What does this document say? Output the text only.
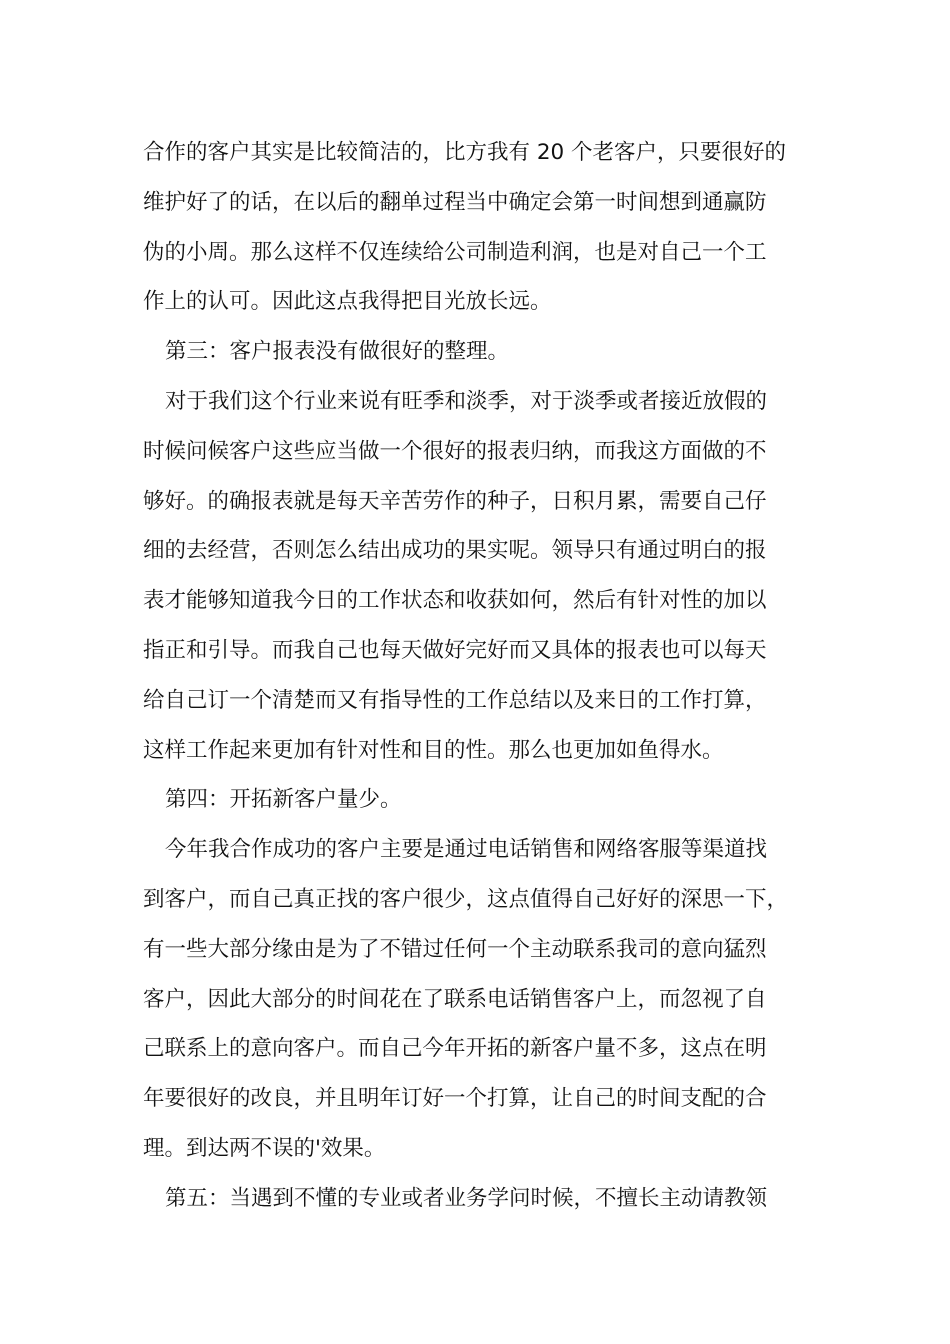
合作的客户其实是比较简洁的，比方我有 20 个老客户，只要很好的
维护好了的话，在以后的翻单过程当中确定会第一时间想到通赢防
伪的小周。那么这样不仅连续给公司制造利润，也是对自己一个工
作上的认可。因此这点我得把目光放长远。
第三：客户报表没有做很好的整理。
对于我们这个行业来说有旺季和淡季，对于淡季或者接近放假的
时候问候客户这些应当做一个很好的报表归纳，而我这方面做的不
够好。的确报表就是每天辛苦劳作的种子，日积月累，需要自己仔
细的去经营，否则怎么结出成功的果实呢。领导只有通过明白的报
表才能够知道我今日的工作状态和收获如何，然后有针对性的加以
指正和引导。而我自己也每天做好完好而又具体的报表也可以每天
给自己订一个清楚而又有指导性的工作总结以及来日的工作打算，
这样工作起来更加有针对性和目的性。那么也更加如鱼得水。
第四：开拓新客户量少。
今年我合作成功的客户主要是通过电话销售和网络客服等渠道找
到客户，而自己真正找的客户很少，这点值得自己好好的深思一下，
有一些大部分缘由是为了不错过任何一个主动联系我司的意向猛烈
客户，因此大部分的时间花在了联系电话销售客户上，而忽视了自
己联系上的意向客户。而自己今年开拓的新客户量不多，这点在明
年要很好的改良，并且明年订好一个打算，让自己的时间支配的合
理。到达两不误的'效果。
第五：当遇到不懂的专业或者业务学问时候，不擅长主动请教领
